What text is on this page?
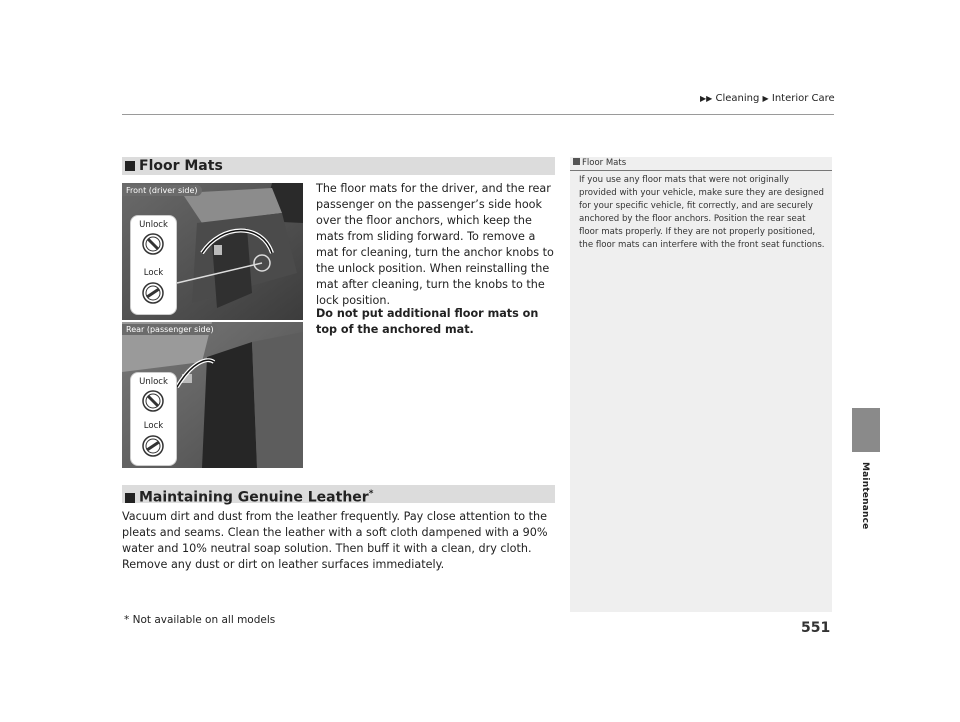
▶▶ Cleaning ▶ Interior Care
Maintenance
Floor Mats
Front (driver side)
Unlock
Lock
Rear (passenger side)
Unlock
Lock
The floor mats for the driver, and the rear passenger on the passenger’s side hook over the floor anchors, which keep the mats from sliding forward. To remove a mat for cleaning, turn the anchor knobs to the unlock position. When reinstalling the mat after cleaning, turn the knobs to the lock position.
Do not put additional floor mats on top of the anchored mat.
Floor Mats
If you use any floor mats that were not originally provided with your vehicle, make sure they are designed for your specific vehicle, fit correctly, and are securely anchored by the floor anchors. Position the rear seat floor mats properly. If they are not properly positioned, the floor mats can interfere with the front seat functions.
Maintaining Genuine Leather*
Vacuum dirt and dust from the leather frequently. Pay close attention to the pleats and seams. Clean the leather with a soft cloth dampened with a 90% water and 10% neutral soap solution. Then buff it with a clean, dry cloth. Remove any dust or dirt on leather surfaces immediately.
* Not available on all models	551
